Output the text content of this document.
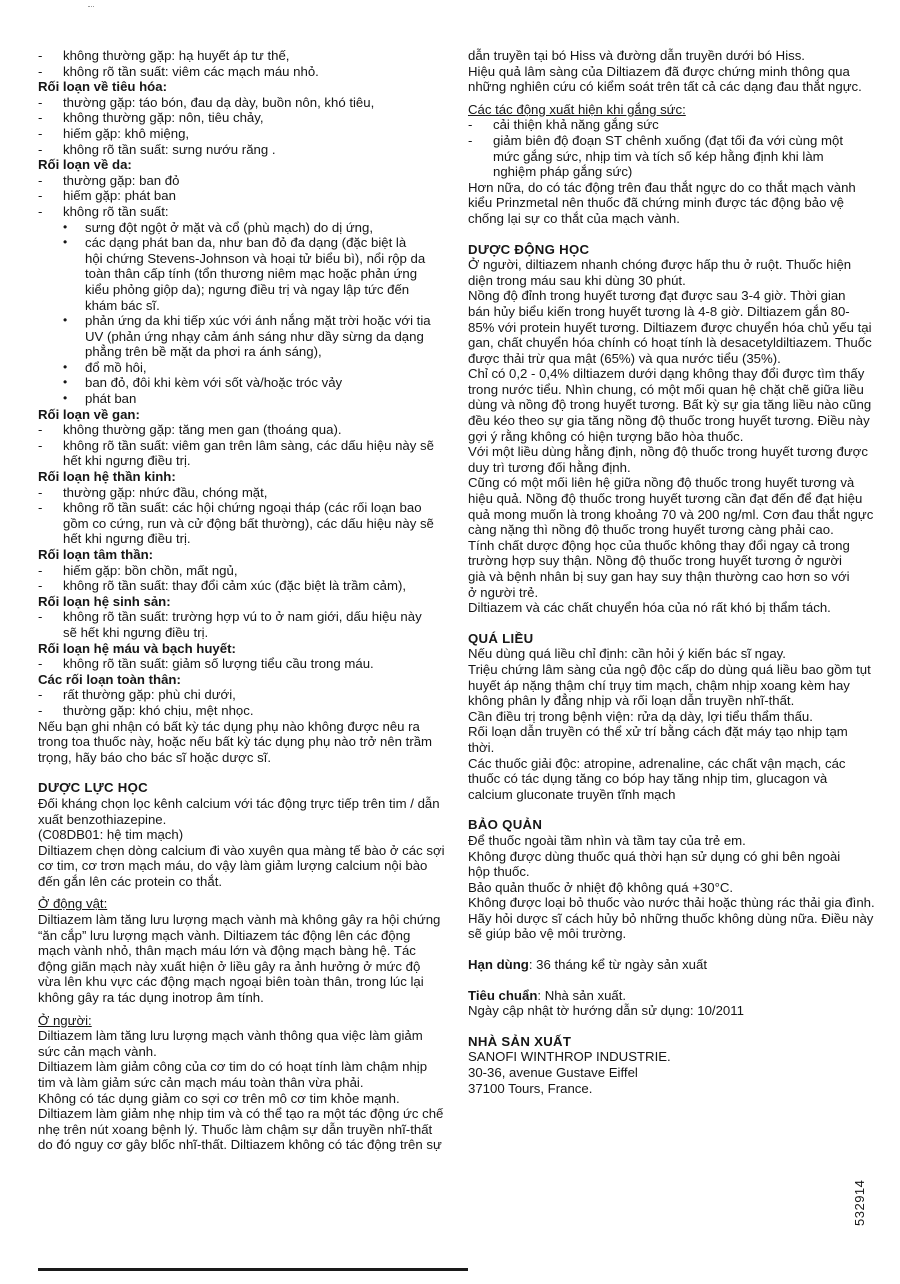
- không thường gặp: hạ huyết áp tư thế,
- không rõ tần suất: viêm các mạch máu nhỏ.
Rối loạn về tiêu hóa:
- thường gặp: táo bón, đau dạ dày, buồn nôn, khó tiêu,
- không thường gặp: nôn, tiêu chảy,
- hiếm gặp: khô miệng,
- không rõ tần suất: sưng nướu răng .
Rối loạn về da:
- thường gặp: ban đỏ
- hiếm gặp: phát ban
- không rõ tần suất:
• sưng đột ngột ở mặt và cổ (phù mạch) do dị ứng,
• các dạng phát ban da, như ban đỏ đa dạng (đặc biệt là
hội chứng Stevens-Johnson và hoại tử biểu bì), nổi rộp da
toàn thân cấp tính (tổn thương niêm mạc hoặc phản ứng
kiểu phỏng giộp da); ngưng điều trị và ngay lập tức đến
khám bác sĩ.
• phản ứng da khi tiếp xúc với ánh nắng mặt trời hoặc với tia
UV (phản ứng nhạy cảm ánh sáng như dầy sừng da dạng
phẳng trên bề mặt da phơi ra ánh sáng),
• đổ mồ hôi,
• ban đỏ, đôi khi kèm với sốt và/hoặc tróc vảy
• phát ban
Rối loạn về gan:
- không thường gặp: tăng men gan (thoáng qua).
- không rõ tần suất: viêm gan trên lâm sàng, các dấu hiệu này sẽ
hết khi ngưng điều trị.
Rối loạn hệ thần kinh:
- thường gặp: nhức đầu, chóng mặt,
- không rõ tần suất: các hội chứng ngoại tháp (các rối loạn bao
gồm co cứng, run và cử động bất thường), các dấu hiệu này sẽ
hết khi ngưng điều trị.
Rối loạn tâm thần:
- hiếm gặp: bồn chồn, mất ngủ,
- không rõ tần suất: thay đổi cảm xúc (đặc biệt là trầm cảm),
Rối loạn hệ sinh sản:
- không rõ tần suất: trường hợp vú to ở nam giới, dấu hiệu này
sẽ hết khi ngưng điều trị.
Rối loạn hệ máu và bạch huyết:
- không rõ tần suất: giảm số lượng tiểu cầu trong máu.
Các rối loạn toàn thân:
- rất thường gặp: phù chi dưới,
- thường gặp: khó chịu, mệt nhọc.
Nếu bạn ghi nhận có bất kỳ tác dụng phụ nào không được nêu ra
trong toa thuốc này, hoặc nếu bất kỳ tác dụng phụ nào trở nên trầm
trọng, hãy báo cho bác sĩ hoặc dược sĩ.
DƯỢC LỰC HỌC
Đối kháng chọn lọc kênh calcium với tác động trực tiếp trên tim / dẫn
xuất benzothiazepine.
(C08DB01: hệ tim mạch)
Diltiazem chẹn dòng calcium đi vào xuyên qua màng tế bào ở các sợi
cơ tim, cơ trơn mạch máu, do vậy làm giảm lượng calcium nội bào
đến gắn lên các protein co thắt.
Ở động vật:
Diltiazem làm tăng lưu lượng mạch vành mà không gây ra hội chứng
“ăn cắp” lưu lượng mạch vành. Diltiazem tác động lên các động
mạch vành nhỏ, thân mạch máu lớn và động mạch bàng hệ. Tác
động giãn mạch này xuất hiện ở liều gây ra ảnh hưởng ở mức độ
vừa lên khu vực các động mạch ngoại biên toàn thân, trong lúc lại
không gây ra tác dụng inotrop âm tính.
Ở người:
Diltiazem làm tăng lưu lượng mạch vành thông qua việc làm giảm
sức cản mạch vành.
Diltiazem làm giảm công của cơ tim do có hoạt tính làm chậm nhịp
tim và làm giảm sức cản mạch máu toàn thân vừa phải.
Không có tác dụng giảm co sợi cơ trên mô cơ tim khỏe mạnh.
Diltiazem làm giảm nhẹ nhịp tim và có thể tạo ra một tác động ức chế
nhẹ trên nút xoang bệnh lý. Thuốc làm chậm sự dẫn truyền nhĩ-thất
do đó nguy cơ gây blốc nhĩ-thất. Diltiazem không có tác động trên sự
dẫn truyền tại bó Hiss và đường dẫn truyền dưới bó Hiss.
Hiệu quả lâm sàng của Diltiazem đã được chứng minh thông qua
những nghiên cứu có kiểm soát trên tất cả các dạng đau thắt ngực.
Các tác động xuất hiện khi gắng sức:
- cải thiện khả năng gắng sức
- giảm biên độ đoạn ST chênh xuống (đạt tối đa với cùng một
mức gắng sức, nhịp tim và tích số kép hằng định khi làm
nghiệm pháp gắng sức)
Hơn nữa, do có tác động trên đau thắt ngực do co thắt mạch vành
kiểu Prinzmetal nên thuốc đã chứng minh được tác động bảo vệ
chống lại sự co thắt của mạch vành.
DƯỢC ĐỘNG HỌC
Ở người, diltiazem nhanh chóng được hấp thu ở ruột. Thuốc hiện
diện trong máu sau khi dùng 30 phút.
Nồng độ đỉnh trong huyết tương đạt được sau 3-4 giờ. Thời gian
bán hủy biểu kiến trong huyết tương là 4-8 giờ. Diltiazem gắn 80-
85% với protein huyết tương. Diltiazem được chuyển hóa chủ yếu tại
gan, chất chuyển hóa chính có hoạt tính là desacetyldiltiazem. Thuốc
được thải trừ qua mật (65%) và qua nước tiểu (35%).
Chỉ có 0,2 - 0,4% diltiazem dưới dạng không thay đổi được tìm thấy
trong nước tiểu. Nhìn chung, có một mối quan hệ chặt chẽ giữa liều
dùng và nồng độ trong huyết tương. Bất kỳ sự gia tăng liều nào cũng
đều kéo theo sự gia tăng nồng độ thuốc trong huyết tương. Điều này
gợi ý rằng không có hiện tượng bão hòa thuốc.
Với một liều dùng hằng định, nồng độ thuốc trong huyết tương được
duy trì tương đối hằng định.
Cũng có một mối liên hệ giữa nồng độ thuốc trong huyết tương và
hiệu quả. Nồng độ thuốc trong huyết tương cần đạt đến để đạt hiệu
quả mong muốn là trong khoảng 70 và 200 ng/ml. Cơn đau thắt ngực
càng nặng thì nồng độ thuốc trong huyết tương càng phải cao.
Tính chất dược động học của thuốc không thay đổi ngay cả trong
trường hợp suy thận. Nồng độ thuốc trong huyết tương ở người
già và bệnh nhân bị suy gan hay suy thận thường cao hơn so với
ở người trẻ.
Diltiazem và các chất chuyển hóa của nó rất khó bị thẩm tách.
QUÁ LIỀU
Nếu dùng quá liều chỉ định: cần hỏi ý kiến bác sĩ ngay.
Triệu chứng lâm sàng của ngộ độc cấp do dùng quá liều bao gồm tụt
huyết áp nặng thậm chí trụy tim mạch, chậm nhịp xoang kèm hay
không phân ly đẳng nhịp và rối loạn dẫn truyền nhĩ-thất.
Cần điều trị trong bệnh viện: rửa dạ dày, lợi tiểu thẩm thấu.
Rối loạn dẫn truyền có thể xử trí bằng cách đặt máy tạo nhịp tạm
thời.
Các thuốc giải độc: atropine, adrenaline, các chất vận mạch, các
thuốc có tác dụng tăng co bóp hay tăng nhịp tim, glucagon và
calcium gluconate truyền tĩnh mạch
BẢO QUẢN
Để thuốc ngoài tầm nhìn và tầm tay của trẻ em.
Không được dùng thuốc quá thời hạn sử dụng có ghi bên ngoài
hộp thuốc.
Bảo quản thuốc ở nhiệt độ không quá +30°C.
Không được loại bỏ thuốc vào nước thải hoặc thùng rác thải gia đình.
Hãy hỏi dược sĩ cách hủy bỏ những thuốc không dùng nữa. Điều này
sẽ giúp bảo vệ môi trường.
Hạn dùng: 36 tháng kể từ ngày sản xuất
Tiêu chuẩn: Nhà sản xuất.
Ngày cập nhật tờ hướng dẫn sử dụng: 10/2011
NHÀ SẢN XUẤT
SANOFI WINTHROP INDUSTRIE.
30-36, avenue Gustave Eiffel
37100 Tours, France.
532914
